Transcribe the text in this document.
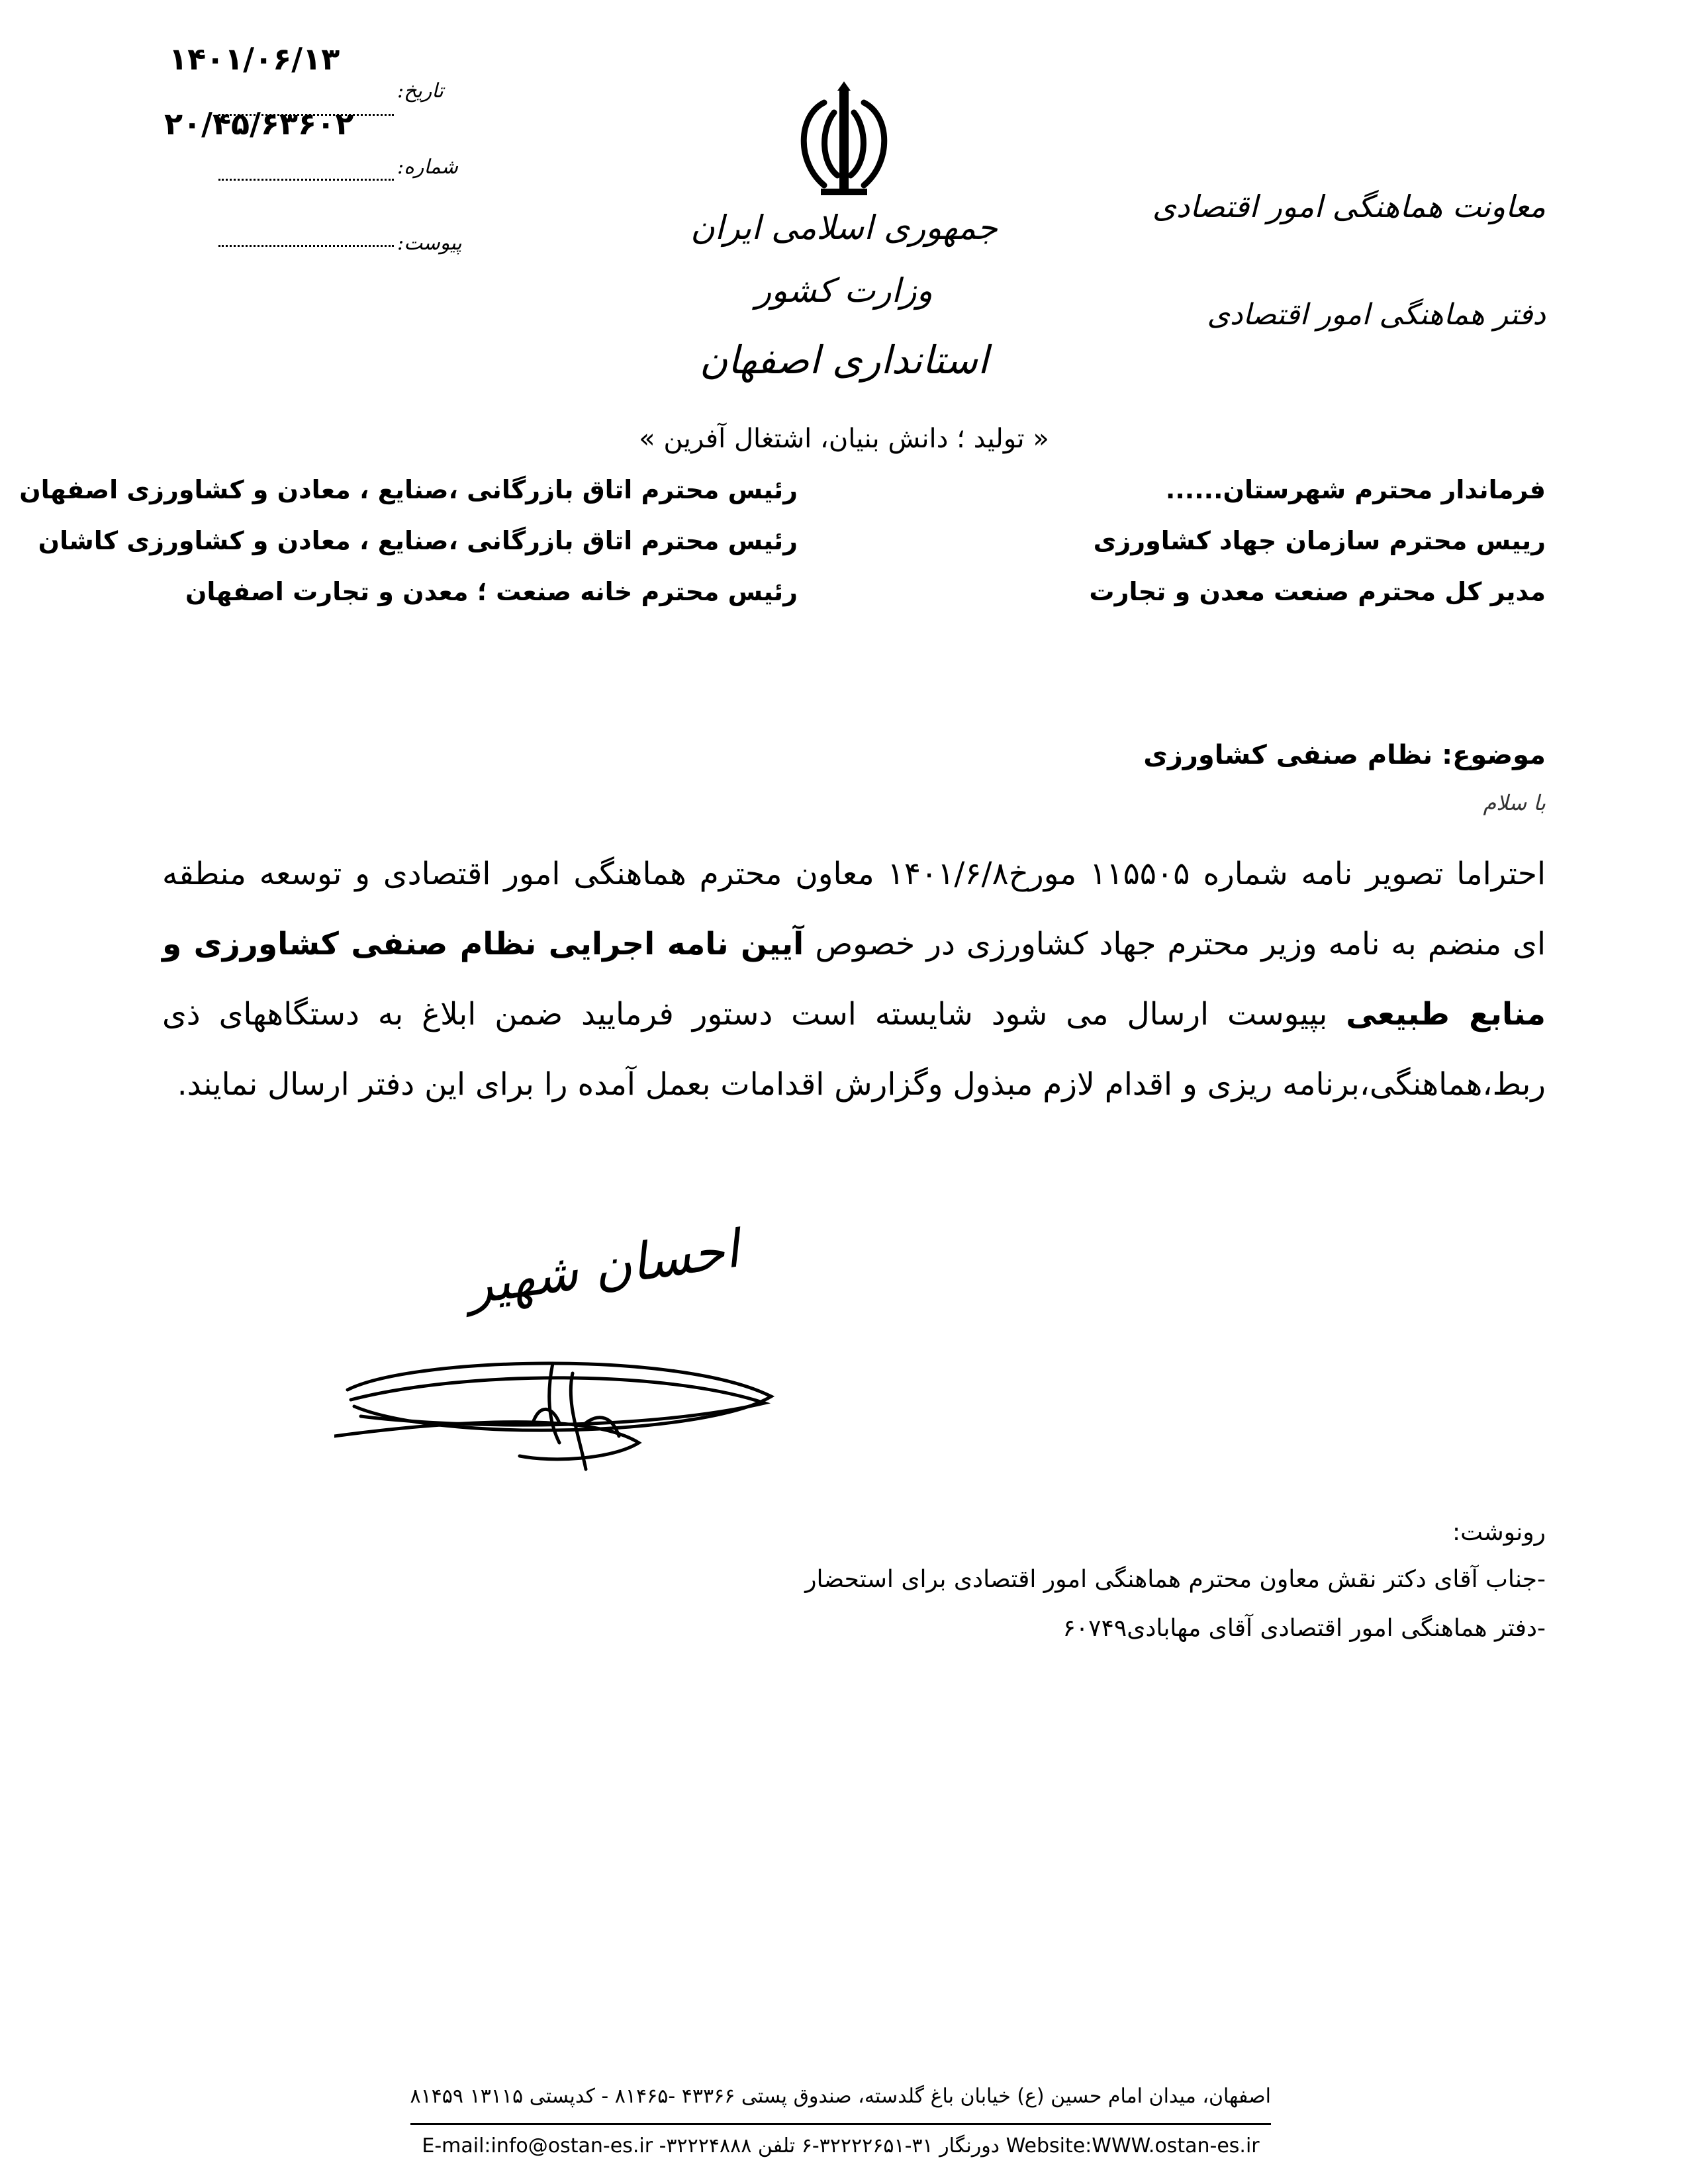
۱۴۰۱/۰۶/۱۳
۲۰/۴۵/۶۳۶۰۲
تاریخ:
شماره:
پیوست:	جمهوری اسلامی ایران
وزارت کشور
استانداری اصفهان
معاونت هماهنگی امور اقتصادی
دفتر هماهنگی امور اقتصادی
« تولید ؛ دانش بنیان، اشتغال آفرین »
فرماندار محترم شهرستان......
رییس محترم سازمان جهاد کشاورزی
مدیر کل محترم صنعت معدن و تجارت
رئیس محترم اتاق بازرگانی ،صنایع ، معادن و کشاورزی اصفهان
رئیس محترم اتاق بازرگانی ،صنایع ، معادن و کشاورزی کاشان
رئیس محترم خانه صنعت ؛ معدن و تجارت اصفهان
موضوع: نظام صنفی کشاورزی
با سلام
احتراما تصویر نامه شماره ۱۱۵۵۰۵ مورخ۱۴۰۱/۶/۸ معاون محترم هماهنگی امور اقتصادی و توسعه منطقه ای منضم به نامه وزیر محترم جهاد کشاورزی در خصوص آیین نامه اجرایی نظام صنفی کشاورزی و منابع طبیعی بپیوست ارسال می شود شایسته است دستور فرمایید ضمن ابلاغ به دستگاههای ذی ربط،هماهنگی،برنامه ریزی و اقدام لازم مبذول وگزارش اقدامات بعمل آمده را برای این دفتر ارسال نمایند.
احسان شهیر
رونوشت:
-جناب آقای دکتر نقش معاون محترم هماهنگی امور اقتصادی برای استحضار
-دفتر هماهنگی امور اقتصادی آقای مهابادی۶۰۷۴۹
اصفهان، میدان امام حسین (ع) خیابان باغ گلدسته، صندوق پستی ۴۳۳۶۶ -۸۱۴۶۵ - کدپستی ۱۳۱۱۵ ۸۱۴۵۹
E-mail:info@ostan-es.ir -۳۲۲۲۴۸۸۸ دورنگار ۳۱-۳۲۲۲۲۶۵۱-۶ تلفن Website:WWW.ostan-es.ir
